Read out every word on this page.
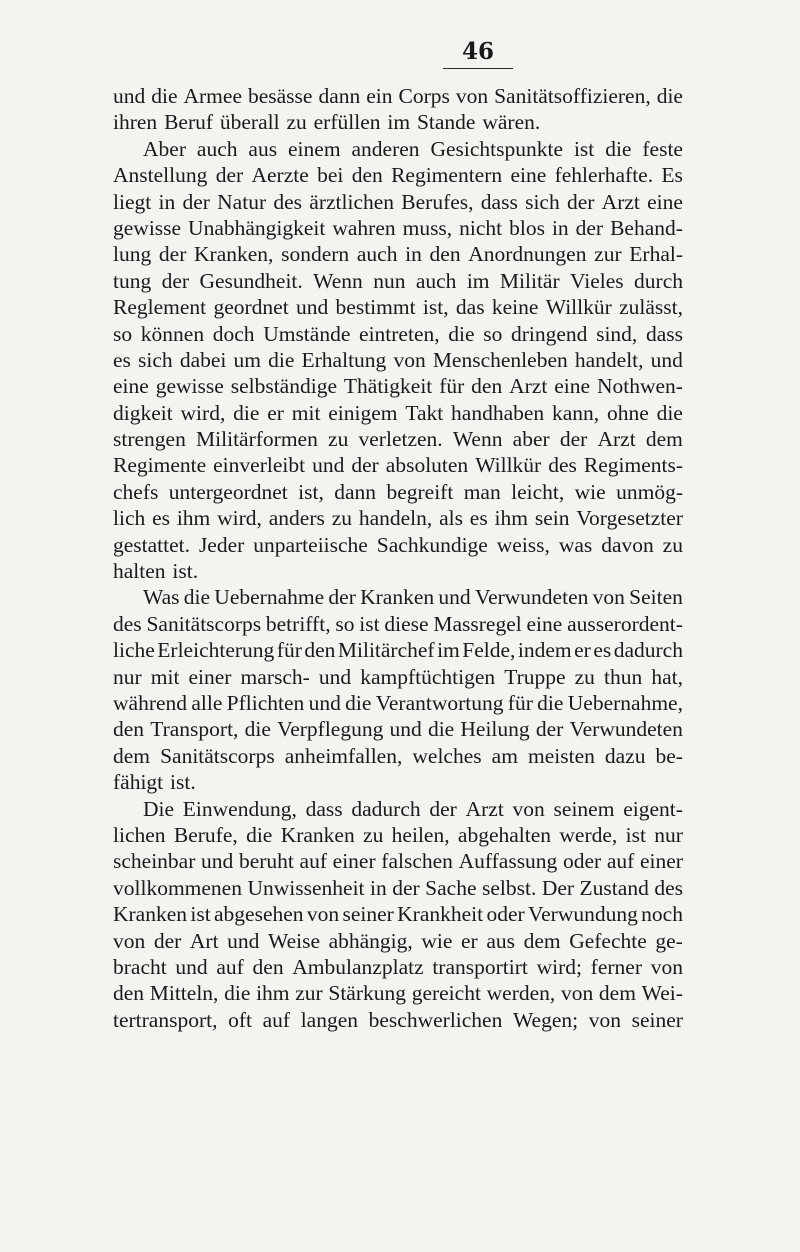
46
und die Armee besässe dann ein Corps von Sanitätsoffizieren, die
ihren Beruf überall zu erfüllen im Stande wären.
Aber auch aus einem anderen Gesichtspunkte ist die feste
Anstellung der Aerzte bei den Regimentern eine fehlerhafte. Es
liegt in der Natur des ärztlichen Berufes, dass sich der Arzt eine
gewisse Unabhängigkeit wahren muss, nicht blos in der Behand-
lung der Kranken, sondern auch in den Anordnungen zur Erhal-
tung der Gesundheit. Wenn nun auch im Militär Vieles durch
Reglement geordnet und bestimmt ist, das keine Willkür zulässt,
so können doch Umstände eintreten, die so dringend sind, dass
es sich dabei um die Erhaltung von Menschenleben handelt, und
eine gewisse selbständige Thätigkeit für den Arzt eine Nothwen-
digkeit wird, die er mit einigem Takt handhaben kann, ohne die
strengen Militärformen zu verletzen. Wenn aber der Arzt dem
Regimente einverleibt und der absoluten Willkür des Regiments-
chefs untergeordnet ist, dann begreift man leicht, wie unmög-
lich es ihm wird, anders zu handeln, als es ihm sein Vorgesetzter
gestattet. Jeder unparteiische Sachkundige weiss, was davon zu
halten ist.
Was die Uebernahme der Kranken und Verwundeten von Seiten
des Sanitätscorps betrifft, so ist diese Massregel eine ausserordent-
liche Erleichterung für den Militärchef im Felde, indem er es dadurch
nur mit einer marsch- und kampftüchtigen Truppe zu thun hat,
während alle Pflichten und die Verantwortung für die Uebernahme,
den Transport, die Verpflegung und die Heilung der Verwundeten
dem Sanitätscorps anheimfallen, welches am meisten dazu be-
fähigt ist.
Die Einwendung, dass dadurch der Arzt von seinem eigent-
lichen Berufe, die Kranken zu heilen, abgehalten werde, ist nur
scheinbar und beruht auf einer falschen Auffassung oder auf einer
vollkommenen Unwissenheit in der Sache selbst. Der Zustand des
Kranken ist abgesehen von seiner Krankheit oder Verwundung noch
von der Art und Weise abhängig, wie er aus dem Gefechte ge-
bracht und auf den Ambulanzplatz transportirt wird; ferner von
den Mitteln, die ihm zur Stärkung gereicht werden, von dem Wei-
tertransport, oft auf langen beschwerlichen Wegen; von seiner
